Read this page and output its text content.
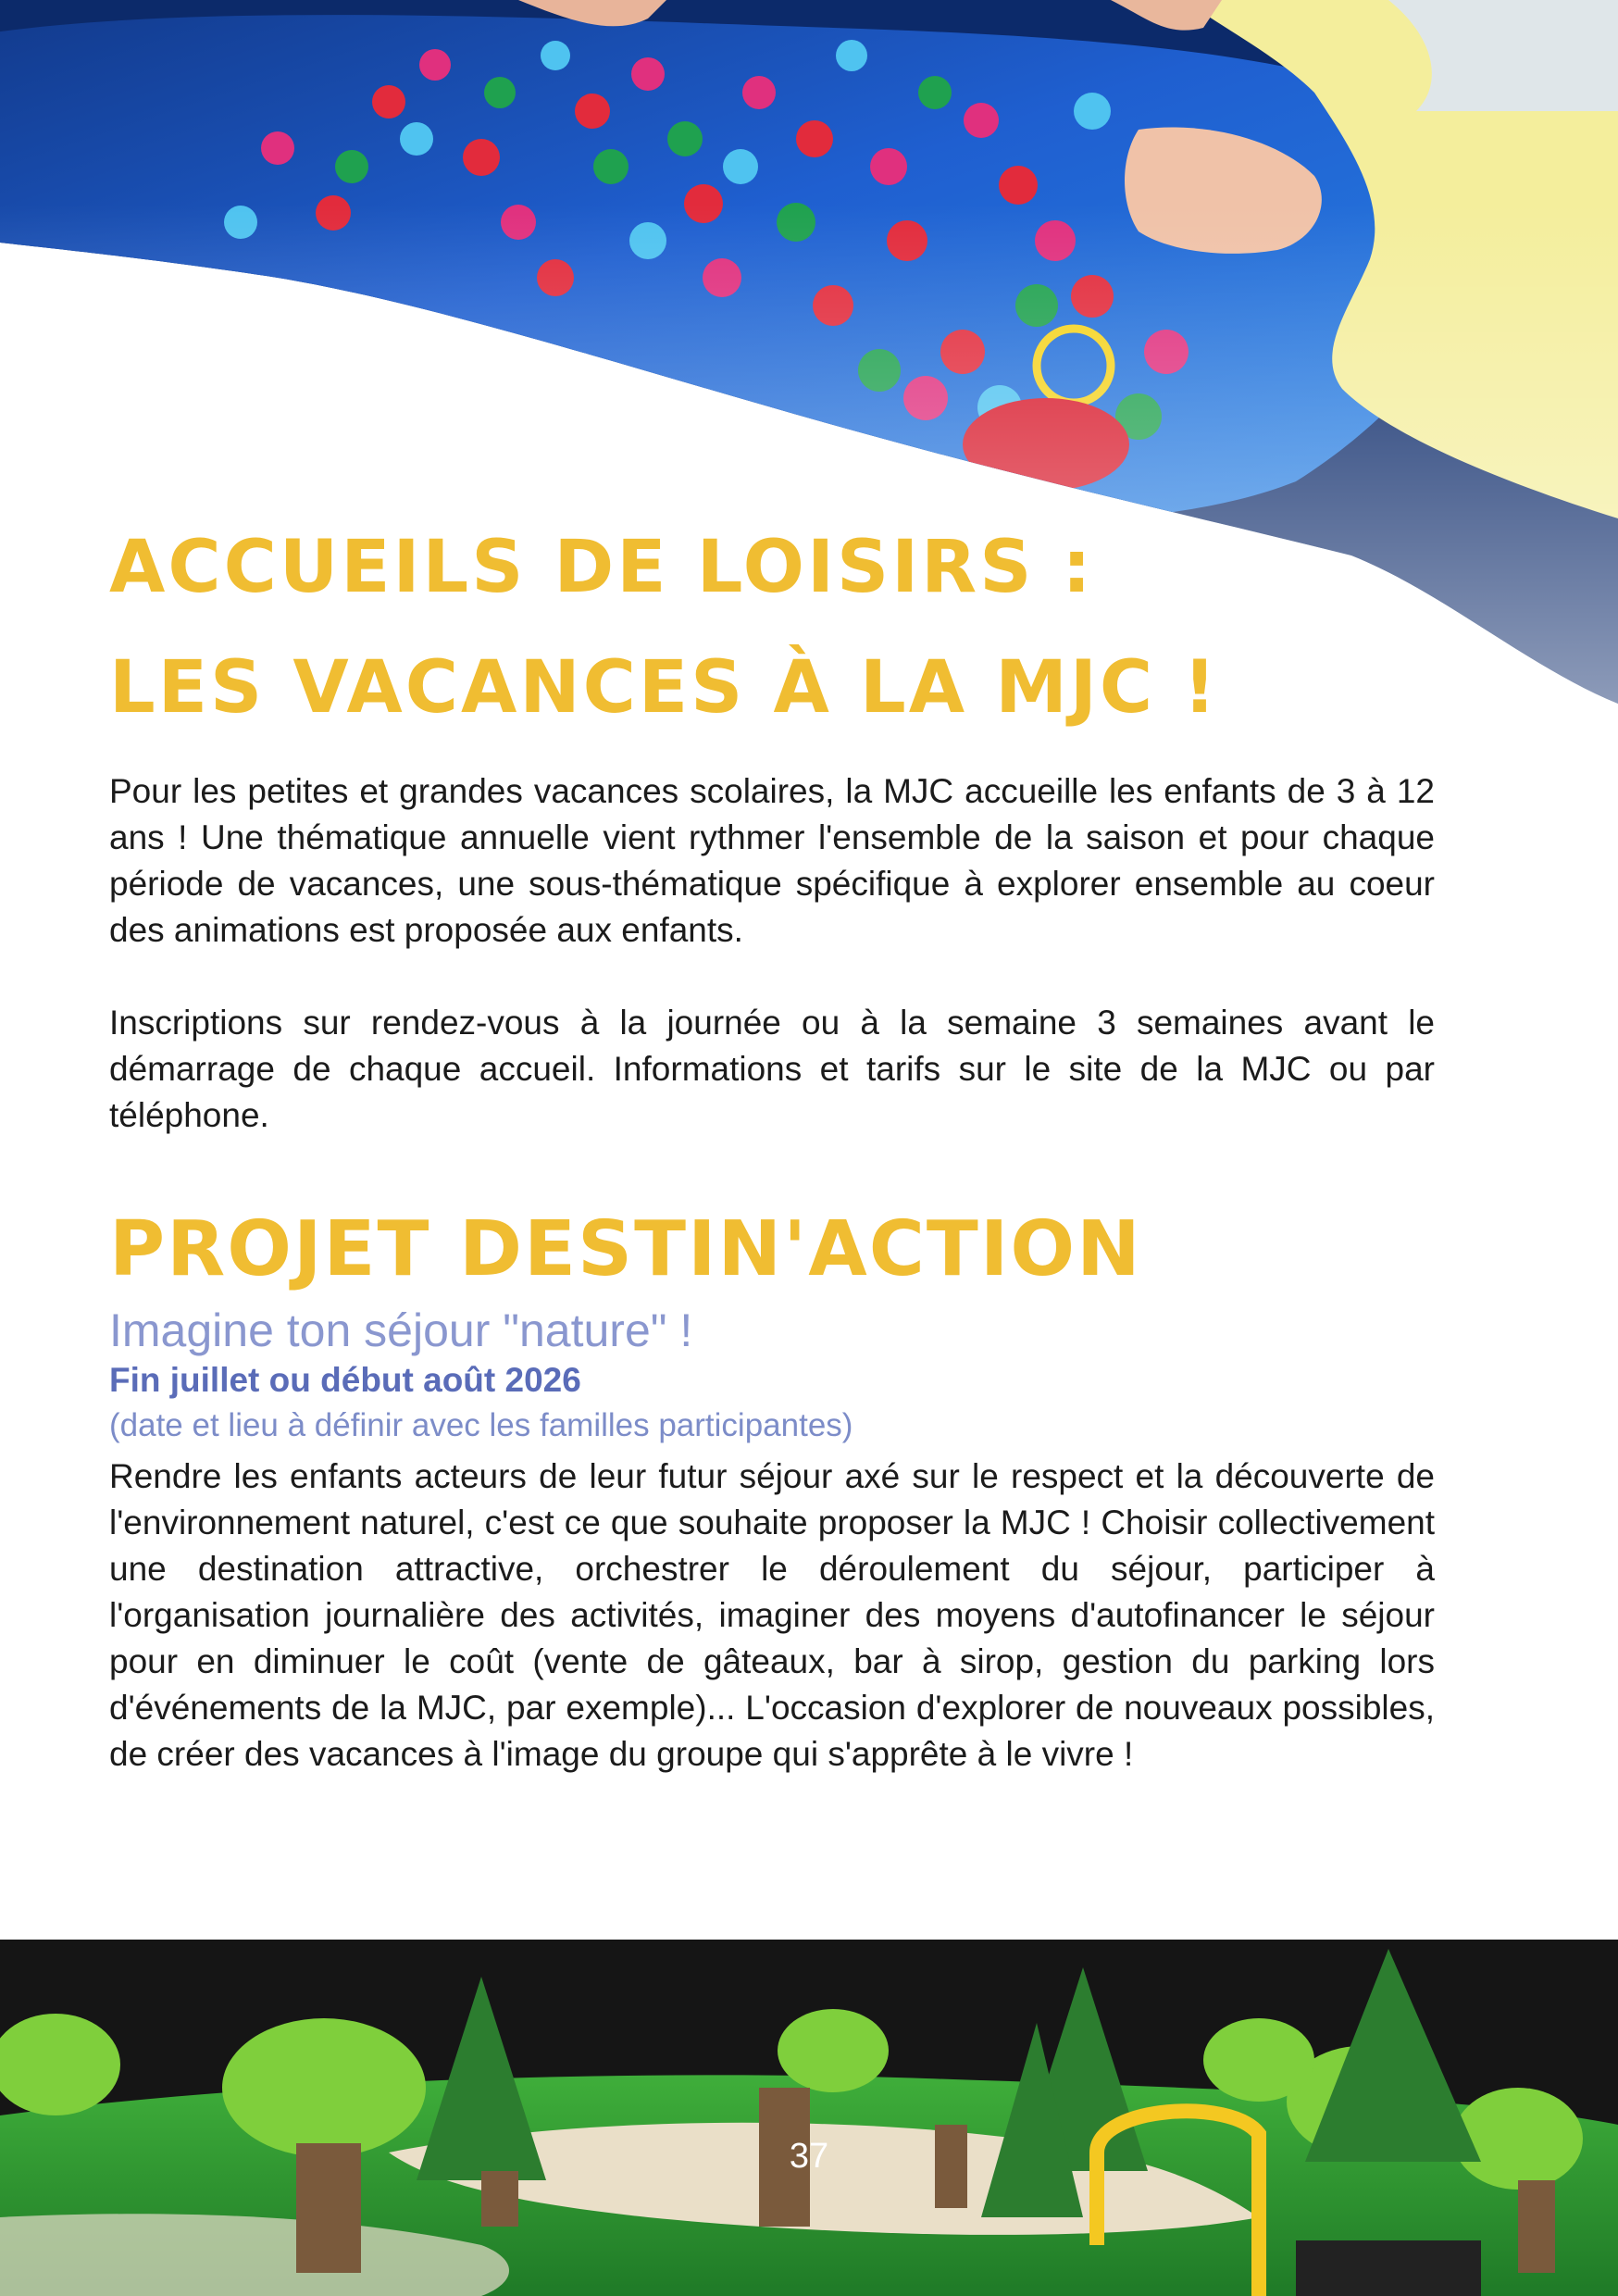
ACCUEILS DE LOISIRS :
LES VACANCES À LA MJC !

Pour les petites et grandes vacances scolaires, la MJC accueille les enfants de 3 à 12 ans ! Une thématique annuelle vient rythmer l'ensemble de la saison et pour chaque période de vacances, une sous-thématique spécifique à explorer ensemble au coeur des animations est proposée aux enfants.

Inscriptions sur rendez-vous à la journée ou à la semaine 3 semaines avant le démarrage de chaque accueil. Informations et tarifs sur le site de la MJC ou par téléphone.

PROJET DESTIN'ACTION

Imagine ton séjour "nature" !

Fin juillet ou début août 2026

(date et lieu à définir avec les familles participantes)

Rendre les enfants acteurs de leur futur séjour axé sur le respect et la découverte de l'environnement naturel, c'est ce que souhaite proposer la MJC ! Choisir collectivement une destination attractive, orchestrer le déroulement du séjour, participer à l'organisation journalière des activités, imaginer des moyens d'autofinancer le séjour pour en diminuer le coût (vente de gâteaux, bar à sirop, gestion du parking lors d'événements de la MJC, par exemple)... L'occasion d'explorer de nouveaux possibles, de créer des vacances à l'image du groupe qui s'apprête à le vivre !

37
